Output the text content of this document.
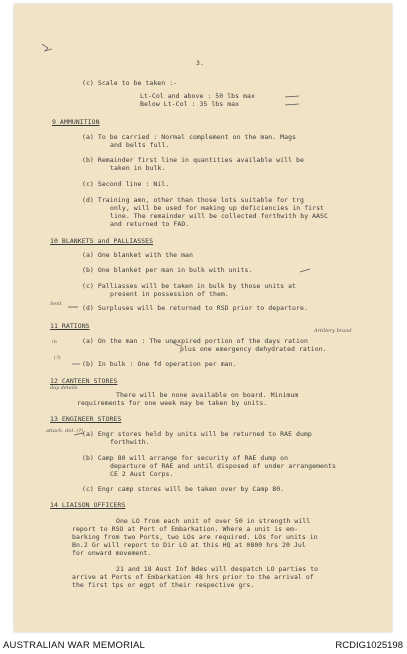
3.
(c) Scale to be taken :-
Lt-Col and above : 50 lbs max
Below Lt-Col : 35 lbs max
9 AMMUNITION
(a) To be carried : Normal complement on the man. Mags
and belts full.
(b) Remainder first line in quantities available will be
taken in bulk.
(c) Second line : Nil.
(d) Training amn, other than those lots suitable for trg
only, will be used for making up deficiencies in first
line. The remainder will be collected forthwith by AASC
and returned to FAD.
10 BLANKETS and PALLIASSES
(a) One blanket with the man
(b) One blanket per man in bulk with units.
(c) Palliasses will be taken in bulk by those units at
present in possession of them.
(d) Surpluses will be returned to RSD prior to departure.
11 RATIONS
(a) On the man : The unexpired portion of the days ration
plus one emergency dehydrated ration.
(b) In bulk : One fd operation per man.
12 CANTEEN STORES
There will be none available on board. Minimum
requirements for one week may be taken by units.
13 ENGINEER STORES
(a) Engr stores held by units will be returned to RAE dump
forthwith.
(b) Camp 80 will arrange for security of RAE dump on
departure of RAE and until disposed of under arrangements
CE 2 Aust Corps.
(c) Engr camp stores will be taken over by Camp 80.
14 LIAISON OFFICERS
One LO from each unit of over 50 in strength will
report to RSO at Port of Embarkation. Where a unit is em-
barking from two Ports, two LOs are required. LOs for units in
Bn.2 Gr will report to Dir LO at this HQ at 0800 hrs 20 Jul
for onward movement.
21 and 18 Aust Inf Bdes will despatch LO parties to
arrive at Ports of Embarkation 48 hrs prior to the arrival of
the first tps or egpt of their respective grs.
Sent
Artillery brand
in
day details
attach. det. (?)
(?)
AUSTRALIAN WAR MEMORIAL	RCDIG1025198
